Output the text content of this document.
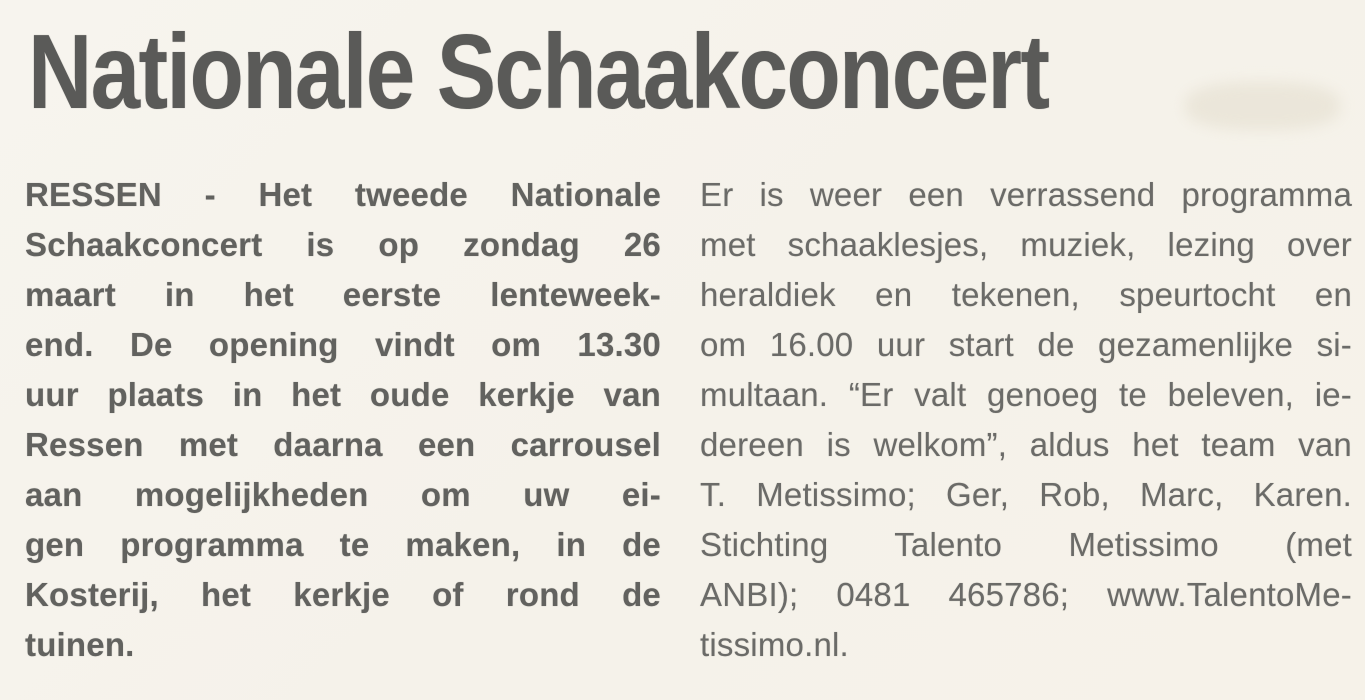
Nationale Schaakconcert
RESSEN - Het tweede Nationale
Schaakconcert is op zondag 26
maart in het eerste lenteweek-
end. De opening vindt om 13.30
uur plaats in het oude kerkje van
Ressen met daarna een carrousel
aan mogelijkheden om uw ei-
gen programma te maken, in de
Kosterij, het kerkje of rond de
tuinen.
Er is weer een verrassend programma
met schaaklesjes, muziek, lezing over
heraldiek en tekenen, speurtocht en
om 16.00 uur start de gezamenlijke si-
multaan. “Er valt genoeg te beleven, ie-
dereen is welkom”, aldus het team van
T. Metissimo; Ger, Rob, Marc, Karen.
Stichting Talento Metissimo (met
ANBI); 0481 465786; www.TalentoMe-
tissimo.nl.
